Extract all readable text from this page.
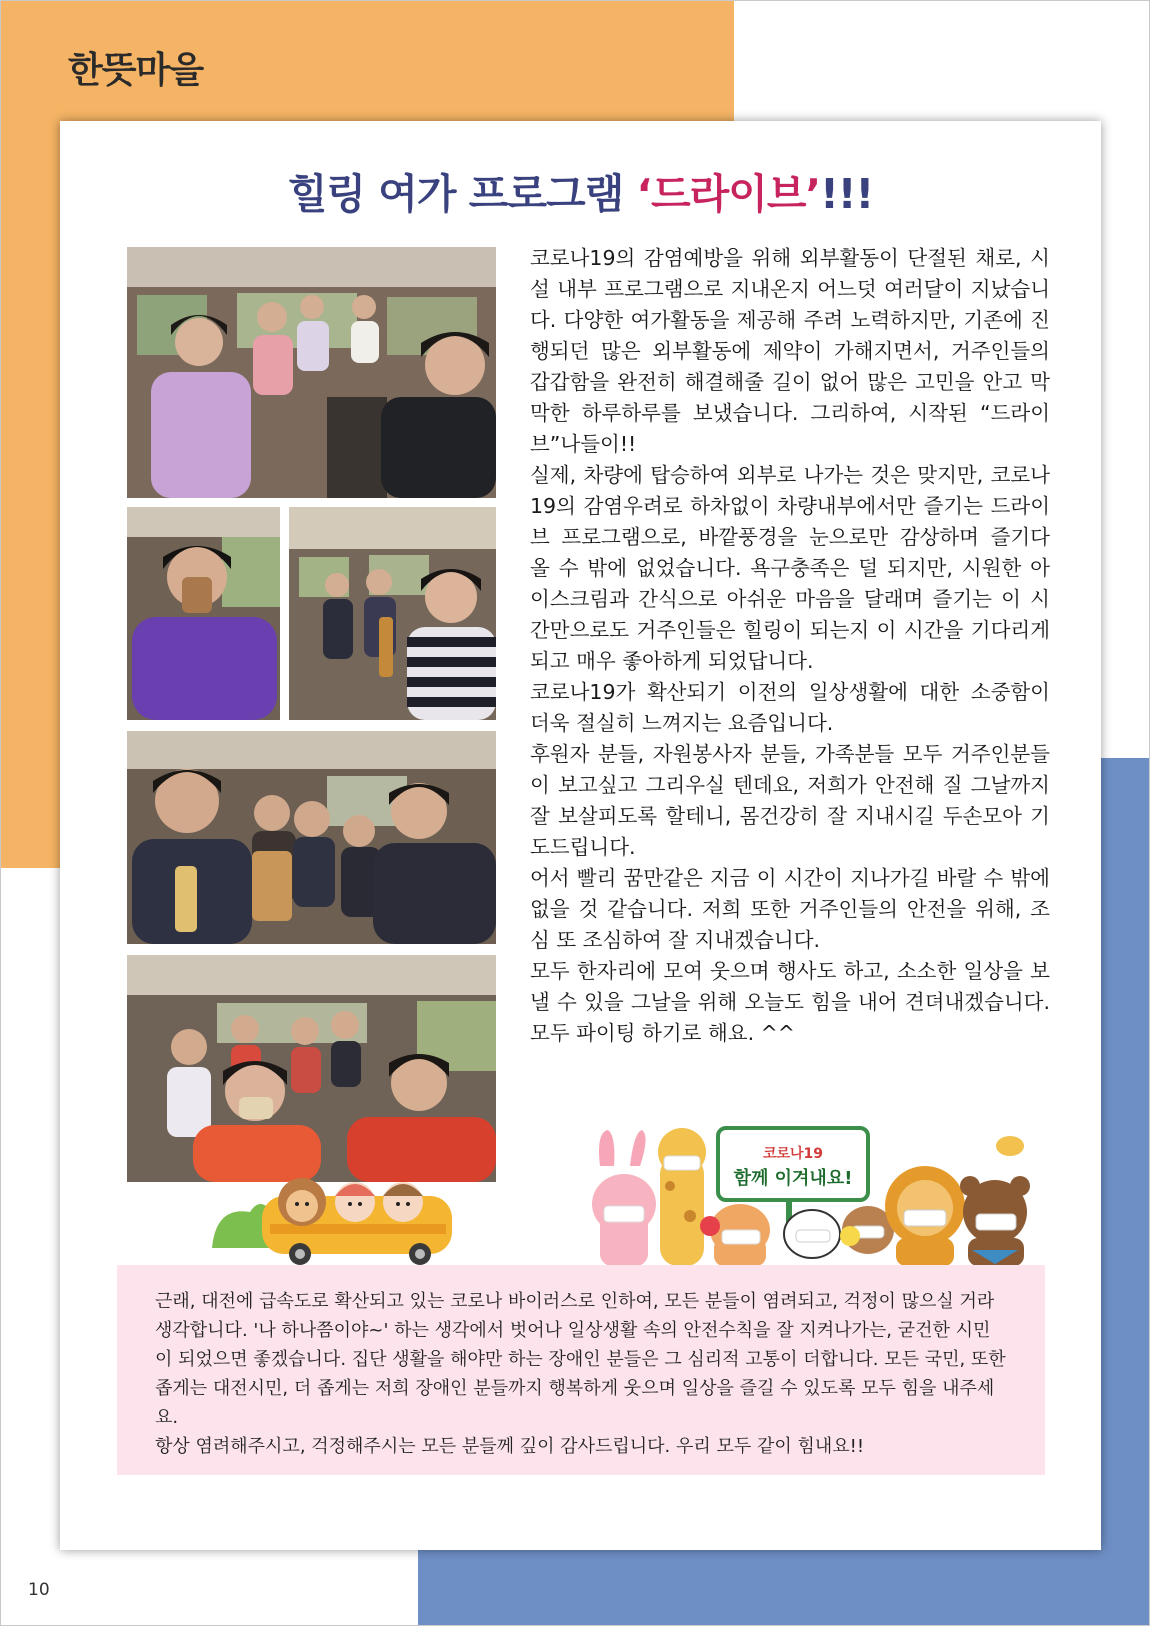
한뜻마을
힐링 여가 프로그램 ‘드라이브’!!!

코로나19의 감염예방을 위해 외부활동이 단절된 채로, 시설 내부 프로그램으로 지내온지 어느덧 여러달이 지났습니다. 다양한 여가활동을 제공해 주려 노력하지만, 기존에 진행되던 많은 외부활동에 제약이 가해지면서, 거주인들의 갑갑함을 완전히 해결해줄 길이 없어 많은 고민을 안고 막막한 하루하루를 보냈습니다. 그리하여, 시작된 “드라이브”나들이!!

실제, 차량에 탑승하여 외부로 나가는 것은 맞지만, 코로나 19의 감염우려로 하차없이 차량내부에서만 즐기는 드라이브 프로그램으로, 바깥풍경을 눈으로만 감상하며 즐기다 올 수 밖에 없었습니다. 욕구충족은 덜 되지만, 시원한 아이스크림과 간식으로 아쉬운 마음을 달래며 즐기는 이 시간만으로도 거주인들은 힐링이 되는지 이 시간을 기다리게 되고 매우 좋아하게 되었답니다.

코로나19가 확산되기 이전의 일상생활에 대한 소중함이 더욱 절실히 느껴지는 요즘입니다.

후원자 분들, 자원봉사자 분들, 가족분들 모두 거주인분들이 보고싶고 그리우실 텐데요, 저희가 안전해 질 그날까지 잘 보살피도록 할테니, 몸건강히 잘 지내시길 두손모아 기도드립니다.

어서 빨리 꿈만같은 지금 이 시간이 지나가길 바랄 수 밖에 없을 것 같습니다. 저희 또한 거주인들의 안전을 위해, 조심 또 조심하여 잘 지내겠습니다.

모두 한자리에 모여 웃으며 행사도 하고, 소소한 일상을 보낼 수 있을 그날을 위해 오늘도 힘을 내어 견뎌내겠습니다. 모두 파이팅 하기로 해요. ^^

코로나19
함께 이겨내요!

근래, 대전에 급속도로 확산되고 있는 코로나 바이러스로 인하여, 모든 분들이 염려되고, 걱정이 많으실 거라 생각합니다. '나 하나쯤이야~' 하는 생각에서 벗어나 일상생활 속의 안전수칙을 잘 지켜나가는, 굳건한 시민이 되었으면 좋겠습니다. 집단 생활을 해야만 하는 장애인 분들은 그 심리적 고통이 더합니다. 모든 국민, 또한 좁게는 대전시민, 더 좁게는 저희 장애인 분들까지 행복하게 웃으며 일상을 즐길 수 있도록 모두 힘을 내주세요.

항상 염려해주시고, 걱정해주시는 모든 분들께 깊이 감사드립니다. 우리 모두 같이 힘내요!!

10
